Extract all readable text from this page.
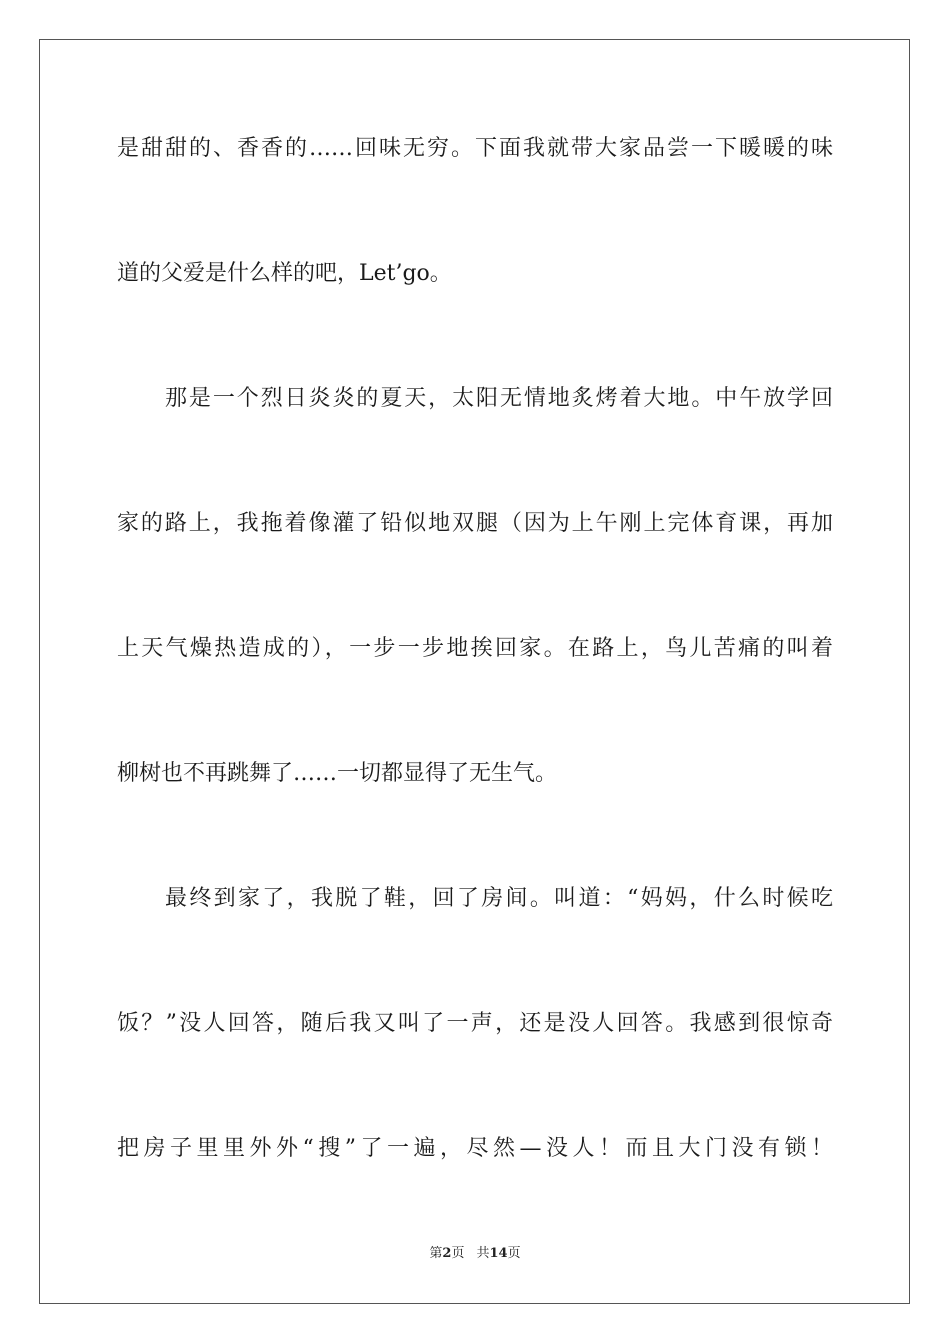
是甜甜的、香香的……回味无穷。下面我就带大家品尝一下暖暖的味
道的父爱是什么样的吧，Let’go。
那是一个烈日炎炎的夏天，太阳无情地炙烤着大地。中午放学回
家的路上，我拖着像灌了铅似地双腿（因为上午刚上完体育课，再加
上天气燥热造成的），一步一步地挨回家。在路上，鸟儿苦痛的叫着
柳树也不再跳舞了……一切都显得了无生气。
最终到家了，我脱了鞋，回了房间。叫道：“妈妈，什么时候吃
饭？”没人回答，随后我又叫了一声，还是没人回答。我感到很惊奇
把房子里里外外“搜”了一遍，尽然—没人！而且大门没有锁！
第2页 共14页
